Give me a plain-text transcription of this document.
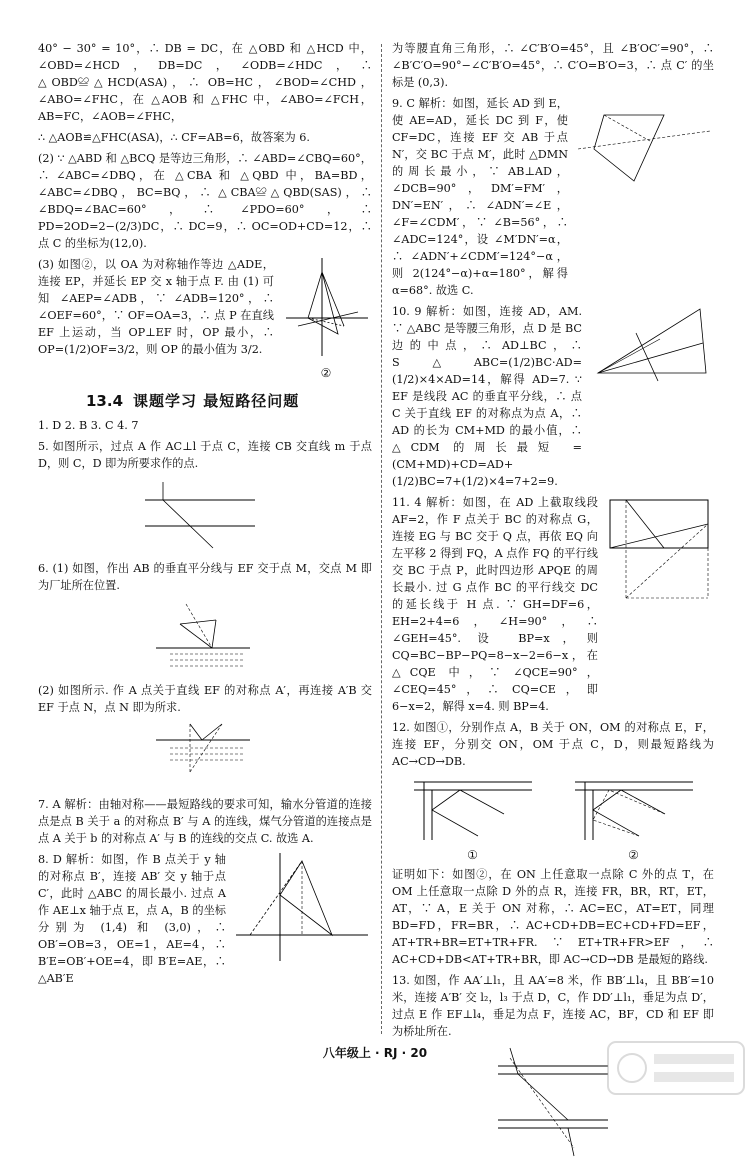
40° − 30° = 10°，∴ DB = DC，在 △OBD 和 △HCD 中，∠OBD=∠HCD，DB=DC，∠ODB=∠HDC，∴ △OBD≌△HCD(ASA)，∴ OB=HC，∠BOD=∠CHD，∠ABO=∠FHC，在 △AOB 和 △FHC 中，∠ABO=∠FCH，AB=FC，∠AOB=∠FHC，

∴ △AOB≌△FHC(ASA)，∴ CF=AB=6，故答案为 6.

(2) ∵ △ABD 和 △BCQ 是等边三角形，∴ ∠ABD=∠CBQ=60°，∴ ∠ABC=∠DBQ，在 △CBA 和 △QBD 中，BA=BD，∠ABC=∠DBQ，BC=BQ，∴ △CBA≌△QBD(SAS)，∴ ∠BDQ=∠BAC=60°，∴ ∠PDO=60°，∴ PD=2OD=2−(2/3)DC，∴ DC=9，∴ OC=OD+CD=12，∴ 点 C 的坐标为(12,0).

(3) 如图②，以 OA 为对称轴作等边 △ADE，连接 EP，并延长 EP 交 x 轴于点 F. 由 (1) 可知 ∠AEP=∠ADB，∵ ∠ADB=120°，∴ ∠OEF=60°，∵ OF=OA=3，∴ 点 P 在直线 EF 上运动，当 OP⊥EF 时，OP 最小，∴ OP=(1/2)OF=3/2，则 OP 的最小值为 3/2.

②
13.4 课题学习 最短路径问题

1. D 2. B 3. C 4. 7

5. 如图所示，过点 A 作 AC⊥l 于点 C，连接 CB 交直线 m 于点 D，则 C，D 即为所要求作的点.

6. (1) 如图，作出 AB 的垂直平分线与 EF 交于点 M，交点 M 即为厂址所在位置.

(2) 如图所示. 作 A 点关于直线 EF 的对称点 A′，再连接 A′B 交 EF 于点 N，点 N 即为所求.

7. A 解析：由轴对称——最短路线的要求可知，输水分管道的连接点是点 B 关于 a 的对称点 B′ 与 A 的连线，煤气分管道的连接点是点 A 关于 b 的对称点 A′ 与 B 的连线的交点 C. 故选 A.

8. D 解析：如图，作 B 点关于 y 轴的对称点 B′，连接 AB′ 交 y 轴于点 C′，此时 △ABC 的周长最小. 过点 A 作 AE⊥x 轴于点 E，点 A，B 的坐标分别为 (1,4) 和 (3,0)，∴ OB′=OB=3，OE=1，AE=4，∴ B′E=OB′+OE=4，即 B′E=AE，∴ △AB′E

为等腰直角三角形，∴ ∠C′B′O=45°，且 ∠B′OC′=90°，∴ ∠B′C′O=90°−∠C′B′O=45°，∴ C′O=B′O=3，∴ 点 C′ 的坐标是 (0,3).

9. C 解析：如图，延长 AD 到 E，使 AE=AD，延长 DC 到 F，使 CF=DC，连接 EF 交 AB 于点 N′，交 BC 于点 M′，此时 △DMN 的周长最小，∵ AB⊥AD，∠DCB=90°，DM′=FM′，DN′=EN′，∴ ∠ADN′=∠E，∠F=∠CDM′，∵ ∠B=56°，∴ ∠ADC=124°，设 ∠M′DN′=α，∴ ∠ADN′+∠CDM′=124°−α，则 2(124°−α)+α=180°，解得 α=68°. 故选 C.

10. 9 解析：如图，连接 AD，AM. ∵ △ABC 是等腰三角形，点 D 是 BC 边的中点，∴ AD⊥BC，∴ S△ABC=(1/2)BC·AD=(1/2)×4×AD=14，解得 AD=7. ∵ EF 是线段 AC 的垂直平分线，∴ 点 C 关于直线 EF 的对称点为点 A，∴ AD 的长为 CM+MD 的最小值，∴ △CDM 的周长最短 =(CM+MD)+CD=AD+(1/2)BC=7+(1/2)×4=7+2=9.

11. 4 解析：如图，在 AD 上截取线段 AF=2，作 F 点关于 BC 的对称点 G，连接 EG 与 BC 交于 Q 点，再依 EQ 向左平移 2 得到 FQ，A 点作 FQ 的平行线交 BC 于点 P，此时四边形 APQE 的周长最小. 过 G 点作 BC 的平行线交 DC 的延长线于 H 点. ∵ GH=DF=6，EH=2+4=6，∠H=90°，∴ ∠GEH=45°. 设 BP=x，则 CQ=BC−BP−PQ=8−x−2=6−x，在 △CQE 中，∵ ∠QCE=90°，∠CEQ=45°，∴ CQ=CE，即 6−x=2，解得 x=4. 则 BP=4.

12. 如图①，分别作点 A，B 关于 ON，OM 的对称点 E，F，连接 EF，分别交 ON，OM 于点 C，D，则最短路线为 AC→CD→DB.

①	②

证明如下：如图②，在 ON 上任意取一点除 C 外的点 T，在 OM 上任意取一点除 D 外的点 R，连接 FR，BR，RT，ET，AT，∵ A，E 关于 ON 对称，∴ AC=EC，AT=ET，同理 BD=FD，FR=BR，∴ AC+CD+DB=EC+CD+FD=EF，AT+TR+BR=ET+TR+FR. ∵ ET+TR+FR>EF，∴ AC+CD+DB<AT+TR+BR，即 AC→CD→DB 是最短的路线.

13. 如图，作 AA′⊥l₁，且 AA′=8 米，作 BB′⊥l₄，且 BB′=10 米，连接 A′B′ 交 l₂，l₃ 于点 D，C，作 DD′⊥l₁，垂足为点 D′，过点 E 作 EF⊥l₄，垂足为点 F，连接 AC，BF，CD 和 EF 即为桥址所在.

八年级上 · RJ · 20
